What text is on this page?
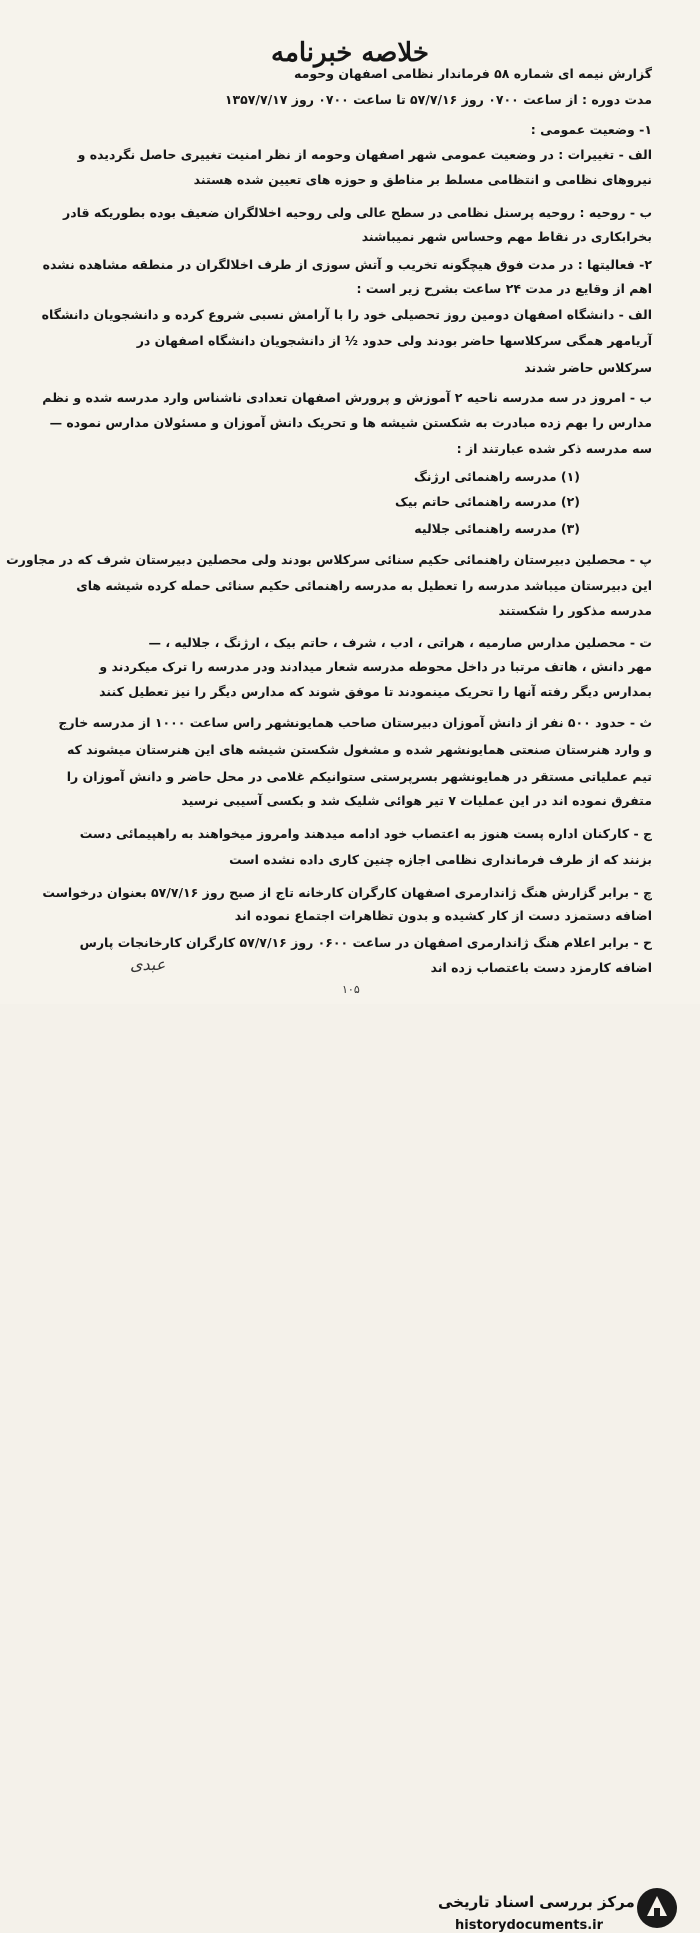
خلاصه خبرنامه
گزارش نیمه ای شماره ۵۸ فرماندار نظامی اصفهان وحومه
مدت دوره : از ساعت ۰۷۰۰ روز ۵۷/۷/۱۶ تا ساعت ۰۷۰۰ روز ۱۳۵۷/۷/۱۷
۱- وضعیت عمومی :
الف - تغییرات : در وضعیت عمومی شهر اصفهان وحومه از نظر امنیت تغییری حاصل نگردیده و
نیروهای نظامی و انتظامی مسلط بر مناطق و حوزه های تعیین شده هستند
ب - روحیه : روحیه پرسنل نظامی در سطح عالی ولی روحیه اخلالگران ضعیف بوده بطوریکه قادر
بخرابکاری در نقاط مهم وحساس شهر نمیباشند
۲- فعالیتها : در مدت فوق هیچگونه تخریب و آتش سوزی از طرف اخلالگران در منطقه مشاهده نشده
اهم از وقایع در مدت ۲۴ ساعت بشرح زیر است :
الف - دانشگاه اصفهان دومین روز تحصیلی خود را با آرامش نسبی شروع کرده و دانشجویان دانشگاه
آریامهر همگی سرکلاسها حاضر بودند ولی حدود ½ از دانشجویان دانشگاه اصفهان در
سرکلاس حاضر شدند
ب - امروز در سه مدرسه ناحیه ۲ آموزش و پرورش اصفهان تعدادی ناشناس وارد مدرسه شده و نظم
مدارس را بهم زده مبادرت به شکستن شیشه ها و تحریک دانش آموزان و مسئولان مدارس نموده —
سه مدرسه ذکر شده عبارتند از :
(۱) مدرسه راهنمائی ارژنگ
(۲) مدرسه راهنمائی حاتم بیک
(۳) مدرسه راهنمائی جلالیه
پ - محصلین دبیرستان راهنمائی حکیم سنائی سرکلاس بودند ولی محصلین دبیرستان شرف که در مجاورت
این دبیرستان میباشد مدرسه را تعطیل به مدرسه راهنمائی حکیم سنائی حمله کرده شیشه های
مدرسه مذکور را شکستند
ت - محصلین مدارس صارمیه ، هراتی ، ادب ، شرف ، حاتم بیک ، ارژنگ ، جلالیه ، —
مهر دانش ، هاتف مرتبا در داخل محوطه مدرسه شعار میدادند ودر مدرسه را ترک میکردند و
بمدارس دیگر رفته آنها را تحریک مینمودند تا موفق شوند که مدارس دیگر را نیز تعطیل کنند
ث - حدود ۵۰۰ نفر از دانش آموزان دبیرستان صاحب همایونشهر راس ساعت ۱۰۰۰ از مدرسه خارج
و وارد هنرستان صنعتی همایونشهر شده و مشغول شکستن شیشه های این هنرستان میشوند که
تیم عملیاتی مستقر در همایونشهر بسرپرستی ستوانیکم غلامی در محل حاضر و دانش آموزان را
متفرق نموده اند در این عملیات ۷ تیر هوائی شلیک شد و بکسی آسیبی نرسید
ج - کارکنان اداره پست هنوز به اعتصاب خود ادامه میدهند وامروز میخواهند به راهپیمائی دست
بزنند که از طرف فرمانداری نظامی اجازه چنین کاری داده نشده است
چ - برابر گزارش هنگ ژاندارمری اصفهان کارگران کارخانه تاج از صبح روز ۵۷/۷/۱۶ بعنوان درخواست
اضافه دستمزد دست از کار کشیده و بدون تظاهرات اجتماع نموده اند
ح - برابر اعلام هنگ ژاندارمری اصفهان در ساعت ۰۶۰۰ روز ۵۷/۷/۱۶ کارگران کارخانجات پارس
اضافه کارمزد دست باعتصاب زده اند
عبدی
۱۰۵
مرکز بررسی اسناد تاریخی
historydocuments.ir
